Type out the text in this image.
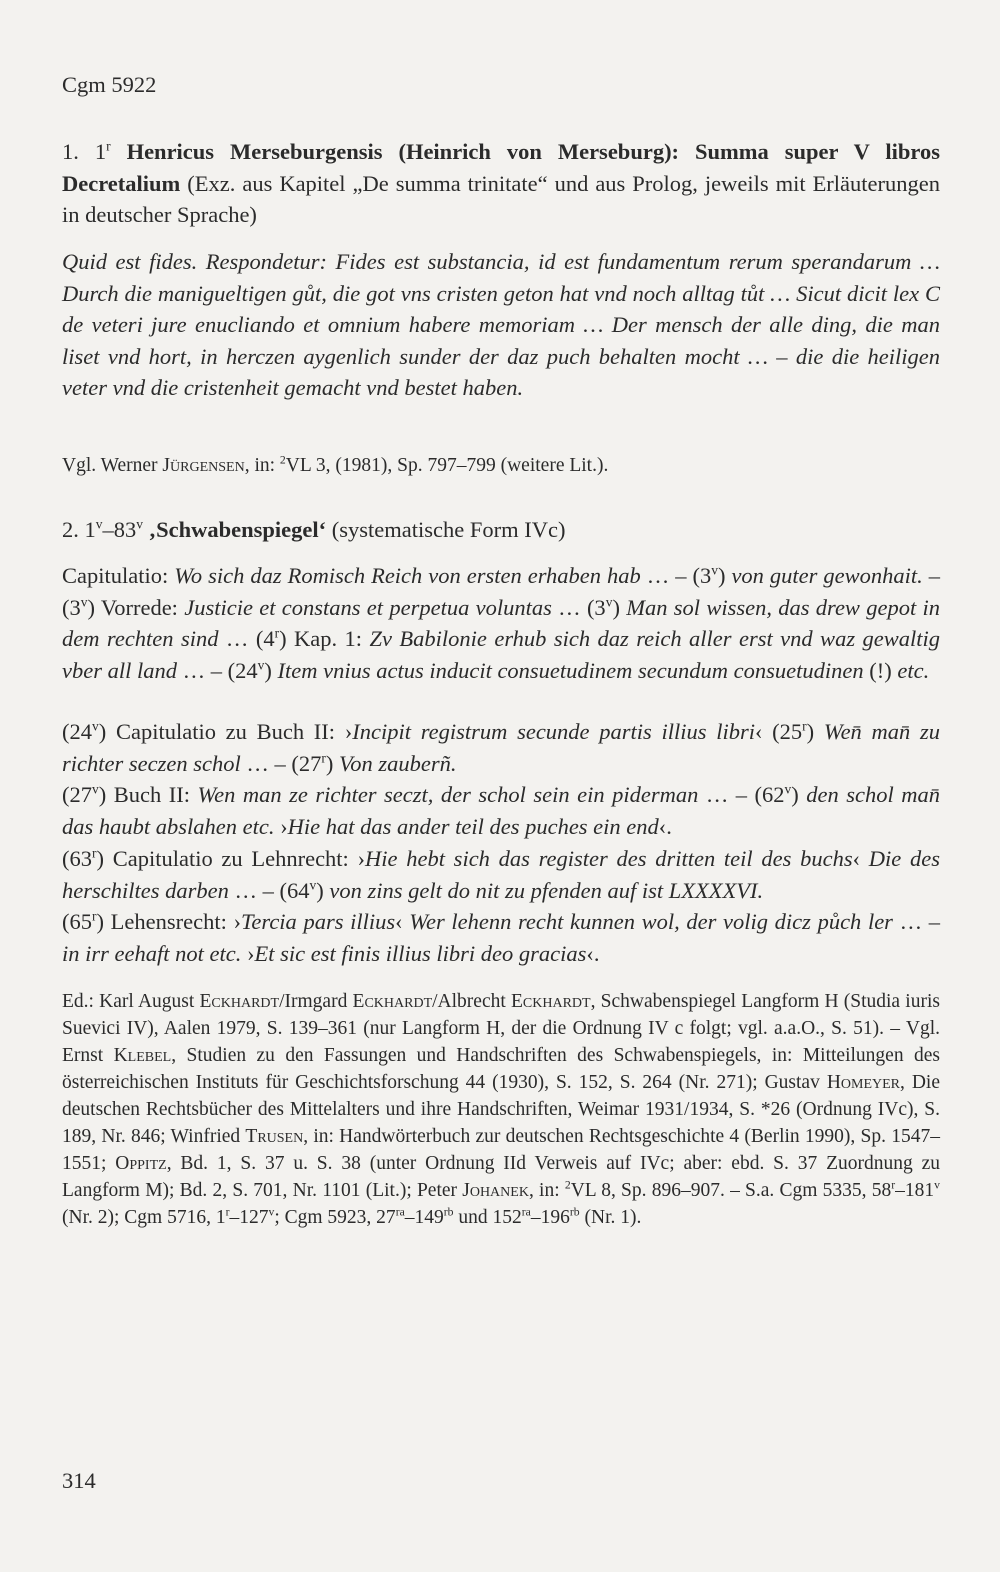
Cgm 5922

1. 1$^r$ Henricus Merseburgensis (Heinrich von Merseburg): Summa super V libros Decretalium (Exz. aus Kapitel „De summa trinitate“ und aus Prolog, jeweils mit Erläuterungen in deutscher Sprache)

Quid est fides. Respondetur: Fides est substancia, id est fundamentum rerum sperandarum … Durch die manigueltigen gůt, die got vns cristen geton hat vnd noch alltag tůt … Sicut dicit lex C de veteri jure enucliando et omnium habere memoriam … Der mensch der alle ding, die man liset vnd hort, in herczen aygenlich sunder der daz puch behalten mocht … – die die heiligen veter vnd die cristenheit gemacht vnd bestet haben.

Vgl. Werner Jürgensen, in: $^2$VL 3, (1981), Sp. 797–799 (weitere Lit.).

2. 1$^v$–83$^v$ ‚Schwabenspiegel‘ (systematische Form IVc)

Capitulatio: Wo sich daz Romisch Reich von ersten erhaben hab … – (3$^v$) von guter gewonhait. – (3$^v$) Vorrede: Justicie et constans et perpetua voluntas … (3$^v$) Man sol wissen, das drew gepot in dem rechten sind … (4$^r$) Kap. 1: Zv Babilonie erhub sich daz reich aller erst vnd waz gewaltig vber all land … – (24$^v$) Item vnius actus inducit consuetudinem secundum consuetudinen (!) etc.

(24$^v$) Capitulatio zu Buch II: ›Incipit registrum secunde partis illius libri‹ (25$^r$) Wen̄ man̄ zu richter seczen schol … – (27$^r$) Von zauberñ.

(27$^v$) Buch II: Wen man ze richter seczt, der schol sein ein piderman … – (62$^v$) den schol man̄ das haubt abslahen etc. ›Hie hat das ander teil des puches ein end‹.

(63$^r$) Capitulatio zu Lehnrecht: ›Hie hebt sich das register des dritten teil des buchs‹ Die des herschiltes darben … – (64$^v$) von zins gelt do nit zu pfenden auf ist LXXXXVI.

(65$^r$) Lehensrecht: ›Tercia pars illius‹ Wer lehenn recht kunnen wol, der volig dicz půch ler … – in irr eehaft not etc. ›Et sic est finis illius libri deo gracias‹.

Ed.: Karl August Eckhardt/Irmgard Eckhardt/Albrecht Eckhardt, Schwabenspiegel Langform H (Studia iuris Suevici IV), Aalen 1979, S. 139–361 (nur Langform H, der die Ordnung IV c folgt; vgl. a.a.O., S. 51). – Vgl. Ernst Klebel, Studien zu den Fassungen und Handschriften des Schwabenspiegels, in: Mitteilungen des österreichischen Instituts für Geschichtsforschung 44 (1930), S. 152, S. 264 (Nr. 271); Gustav Homeyer, Die deutschen Rechtsbücher des Mittelalters und ihre Handschriften, Weimar 1931/1934, S. *26 (Ordnung IVc), S. 189, Nr. 846; Winfried Trusen, in: Handwörterbuch zur deutschen Rechtsgeschichte 4 (Berlin 1990), Sp. 1547–1551; Oppitz, Bd. 1, S. 37 u. S. 38 (unter Ordnung IId Verweis auf IVc; aber: ebd. S. 37 Zuordnung zu Langform M); Bd. 2, S. 701, Nr. 1101 (Lit.); Peter Johanek, in: $^2$VL 8, Sp. 896–907. – S.a. Cgm 5335, 58$^r$–181$^v$ (Nr. 2); Cgm 5716, 1$^r$–127$^v$; Cgm 5923, $27^{ra}-149^{rb}$ und $152^{ra}-196^{rb}$ (Nr. 1).

314
